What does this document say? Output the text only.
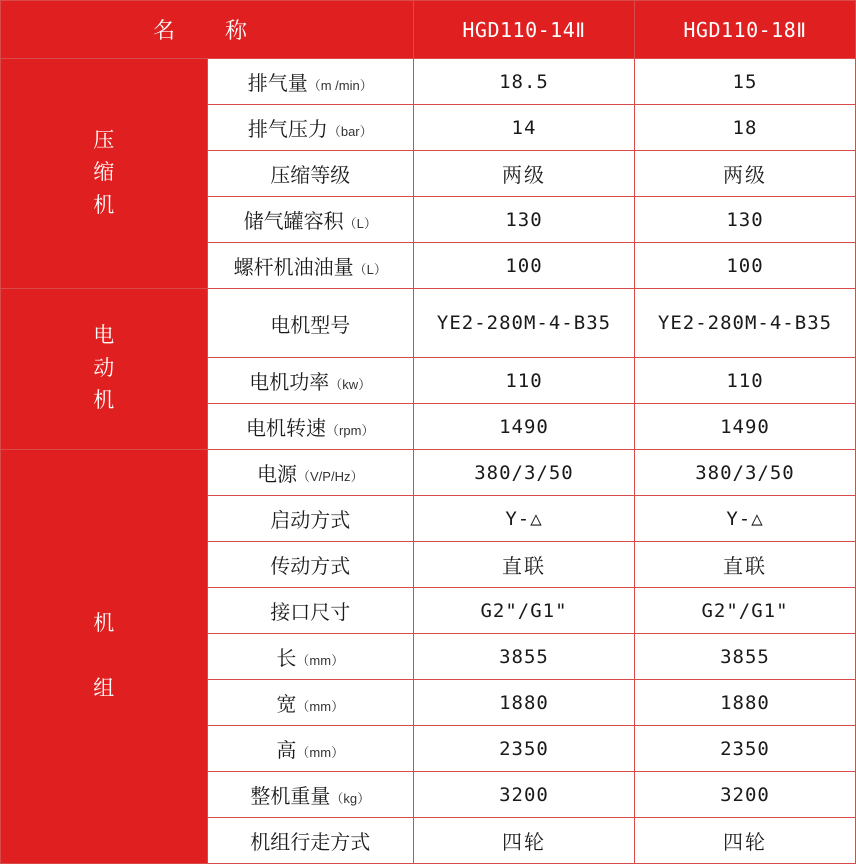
名　称		HGD110-14Ⅱ	HGD110-18Ⅱ

压
缩
机	排气量（m /min）	18.5	15
	排气压力（bar）	14	18
	压缩等级	两级	两级
	储气罐容积（L）	130	130
	螺杆机油油量（L）	100	100

电
动
机	电机型号	YE2-280M-4-B35	YE2-280M-4-B35
	电机功率（kw）	110	110
	电机转速（rpm）	1490	1490

机

组	电源（V/P/Hz）	380/3/50	380/3/50
	启动方式	Y-△	Y-△
	传动方式	直联	直联
	接口尺寸	G2"/G1"	G2"/G1"
	长（mm）	3855	3855
	宽（mm）	1880	1880
	高（mm）	2350	2350
	整机重量（kg）	3200	3200
	机组行走方式	四轮	四轮
